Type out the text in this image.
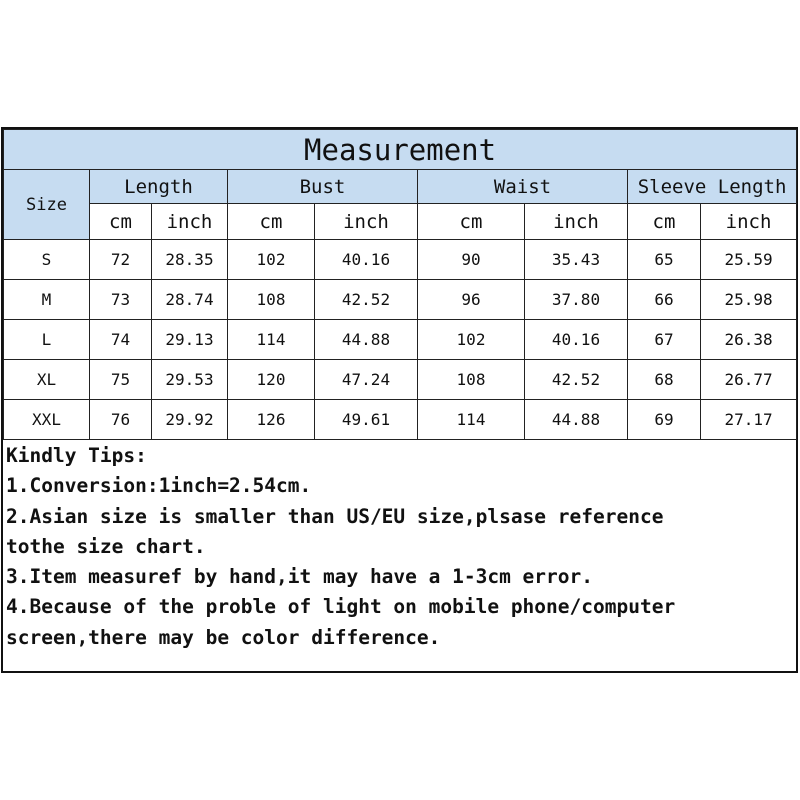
Measurement								
Size	Length		Bust		Waist		Sleeve Length	
	cm	inch	cm	inch	cm	inch	cm	inch
S	72	28.35	102	40.16	90	35.43	65	25.59
M	73	28.74	108	42.52	96	37.80	66	25.98
L	74	29.13	114	44.88	102	40.16	67	26.38
XL	75	29.53	120	47.24	108	42.52	68	26.77
XXL	76	29.92	126	49.61	114	44.88	69	27.17
Kindly Tips:
1.Conversion:1inch=2.54cm.
2.Asian size is smaller than US/EU size,plsase reference
tothe size chart.
3.Item measuref by hand,it may have a 1-3cm error.
4.Because of the proble of light on mobile phone/computer
screen,there may be color difference.
